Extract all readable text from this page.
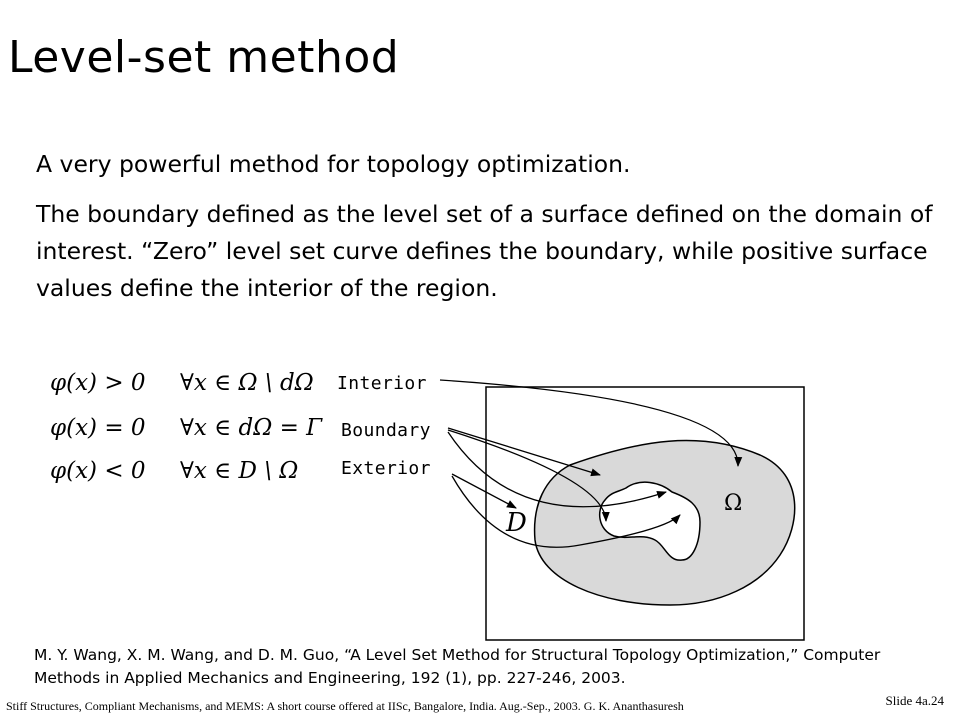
Level-set method
A very powerful method for topology optimization.
The boundary defined as the level set of a surface defined on the domain of interest. “Zero” level set curve defines the boundary, while positive surface values define the interior of the region.
φ(x) > 0 ∀x ∈ Ω \ dΩ
φ(x) = 0 ∀x ∈ dΩ = Γ
φ(x) < 0 ∀x ∈ D \ Ω
D
Ω
Interior
Boundary
Exterior
M. Y. Wang, X. M. Wang, and D. M. Guo, “A Level Set Method for Structural Topology Optimization,” Computer Methods in Applied Mechanics and Engineering, 192 (1), pp. 227-246, 2003.
Stiff Structures, Compliant Mechanisms, and MEMS: A short course offered at IISc, Bangalore, India. Aug.-Sep., 2003. G. K. Ananthasuresh	Slide 4a.24
